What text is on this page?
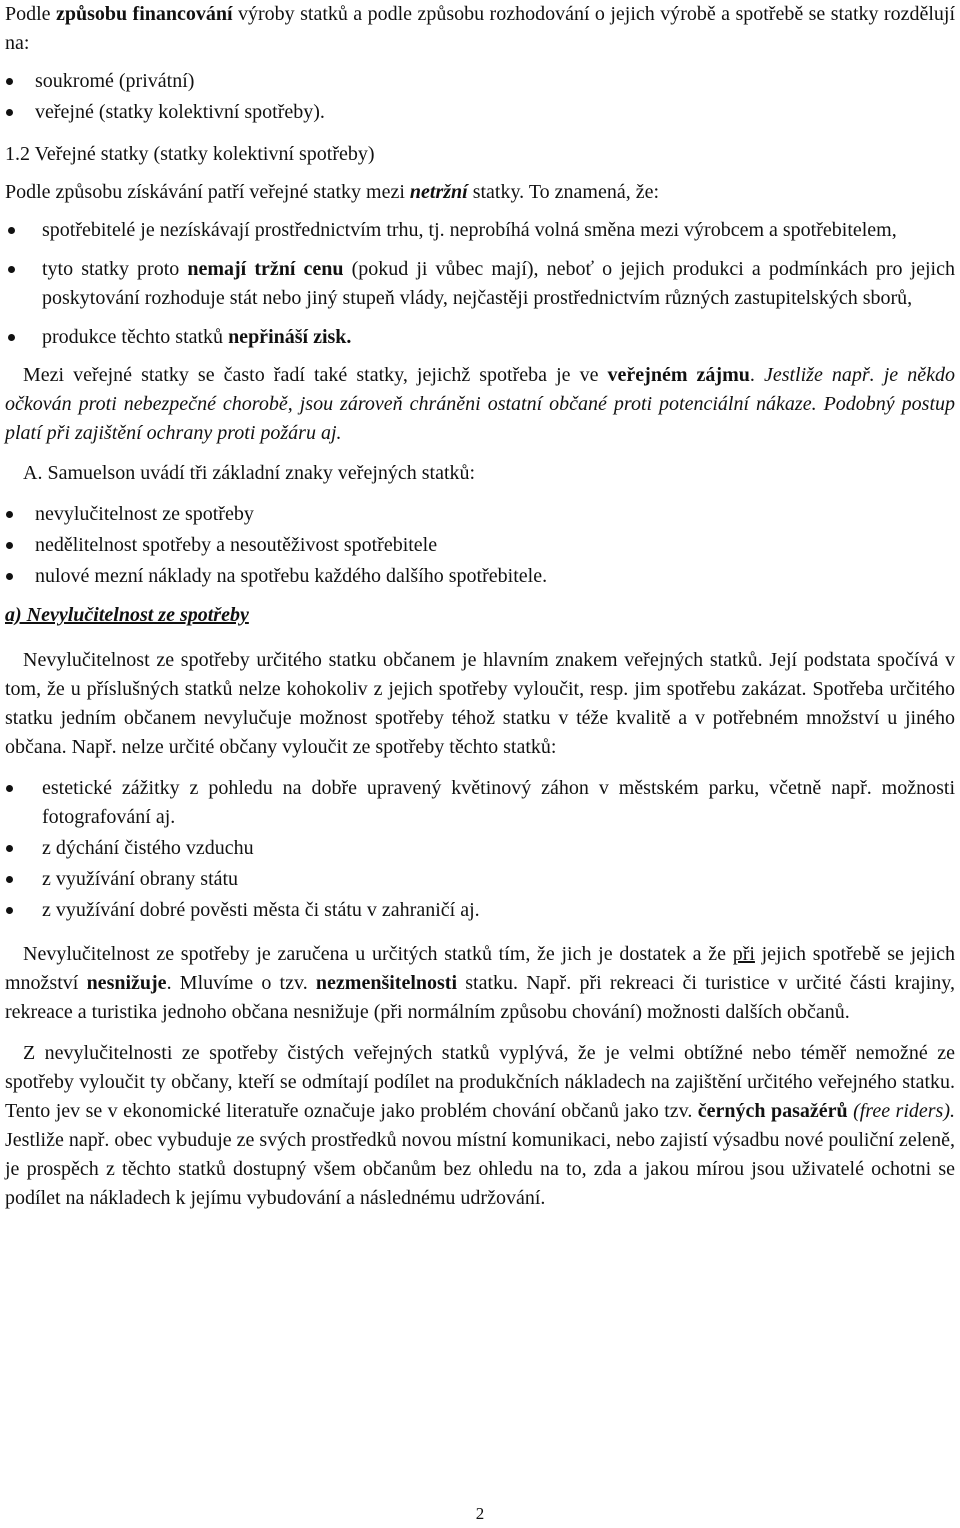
Podle způsobu financování výroby statků a podle způsobu rozhodování o jejich výrobě a spotřebě se statky rozdělují na:

soukromé (privátní)
veřejné (statky kolektivní spotřeby).

1.2 Veřejné statky (statky kolektivní spotřeby)

Podle způsobu získávání patří veřejné statky mezi netržní statky. To znamená, že:

spotřebitelé je nezískávají prostřednictvím trhu, tj. neprobíhá volná směna mezi výrobcem a spotřebitelem,
tyto statky proto nemají tržní cenu (pokud ji vůbec mají), neboť o jejich produkci a podmínkách pro jejich poskytování rozhoduje stát nebo jiný stupeň vlády, nejčastěji prostřednictvím různých zastupitelských sborů,
produkce těchto statků nepřináší zisk.

Mezi veřejné statky se často řadí také statky, jejichž spotřeba je ve veřejném zájmu. Jestliže např. je někdo očkován proti nebezpečné chorobě, jsou zároveň chráněni ostatní občané proti potenciální nákaze. Podobný postup platí při zajištění ochrany proti požáru aj.

A. Samuelson uvádí tři základní znaky veřejných statků:

nevylučitelnost ze spotřeby
nedělitelnost spotřeby a nesoutěživost spotřebitele
nulové mezní náklady na spotřebu každého dalšího spotřebitele.

a) Nevylučitelnost ze spotřeby

Nevylučitelnost ze spotřeby určitého statku občanem je hlavním znakem veřejných statků. Její podstata spočívá v tom, že u příslušných statků nelze kohokoliv z jejich spotřeby vyloučit, resp. jim spotřebu zakázat. Spotřeba určitého statku jedním občanem nevylučuje možnost spotřeby téhož statku v téže kvalitě a v potřebném množství u jiného občana. Např. nelze určité občany vyloučit ze spotřeby těchto statků:

estetické zážitky z pohledu na dobře upravený květinový záhon v městském parku, včetně např. možnosti fotografování aj.
z dýchání čistého vzduchu
z využívání obrany státu
z využívání dobré pověsti města či státu v zahraničí aj.

Nevylučitelnost ze spotřeby je zaručena u určitých statků tím, že jich je dostatek a že při jejich spotřebě se jejich množství nesnižuje. Mluvíme o tzv. nezmenšitelnosti statku. Např. při rekreaci či turistice v určité části krajiny, rekreace a turistika jednoho občana nesnižuje (při normálním způsobu chování) možnosti dalších občanů.

Z nevylučitelnosti ze spotřeby čistých veřejných statků vyplývá, že je velmi obtížné nebo téměř nemožné ze spotřeby vyloučit ty občany, kteří se odmítají podílet na produkčních nákladech na zajištění určitého veřejného statku. Tento jev se v ekonomické literatuře označuje jako problém chování občanů jako tzv. černých pasažérů (free riders). Jestliže např. obec vybuduje ze svých prostředků novou místní komunikaci, nebo zajistí výsadbu nové pouliční zeleně, je prospěch z těchto statků dostupný všem občanům bez ohledu na to, zda a jakou mírou jsou uživatelé ochotni se podílet na nákladech k jejímu vybudování a následnému udržování.

2
